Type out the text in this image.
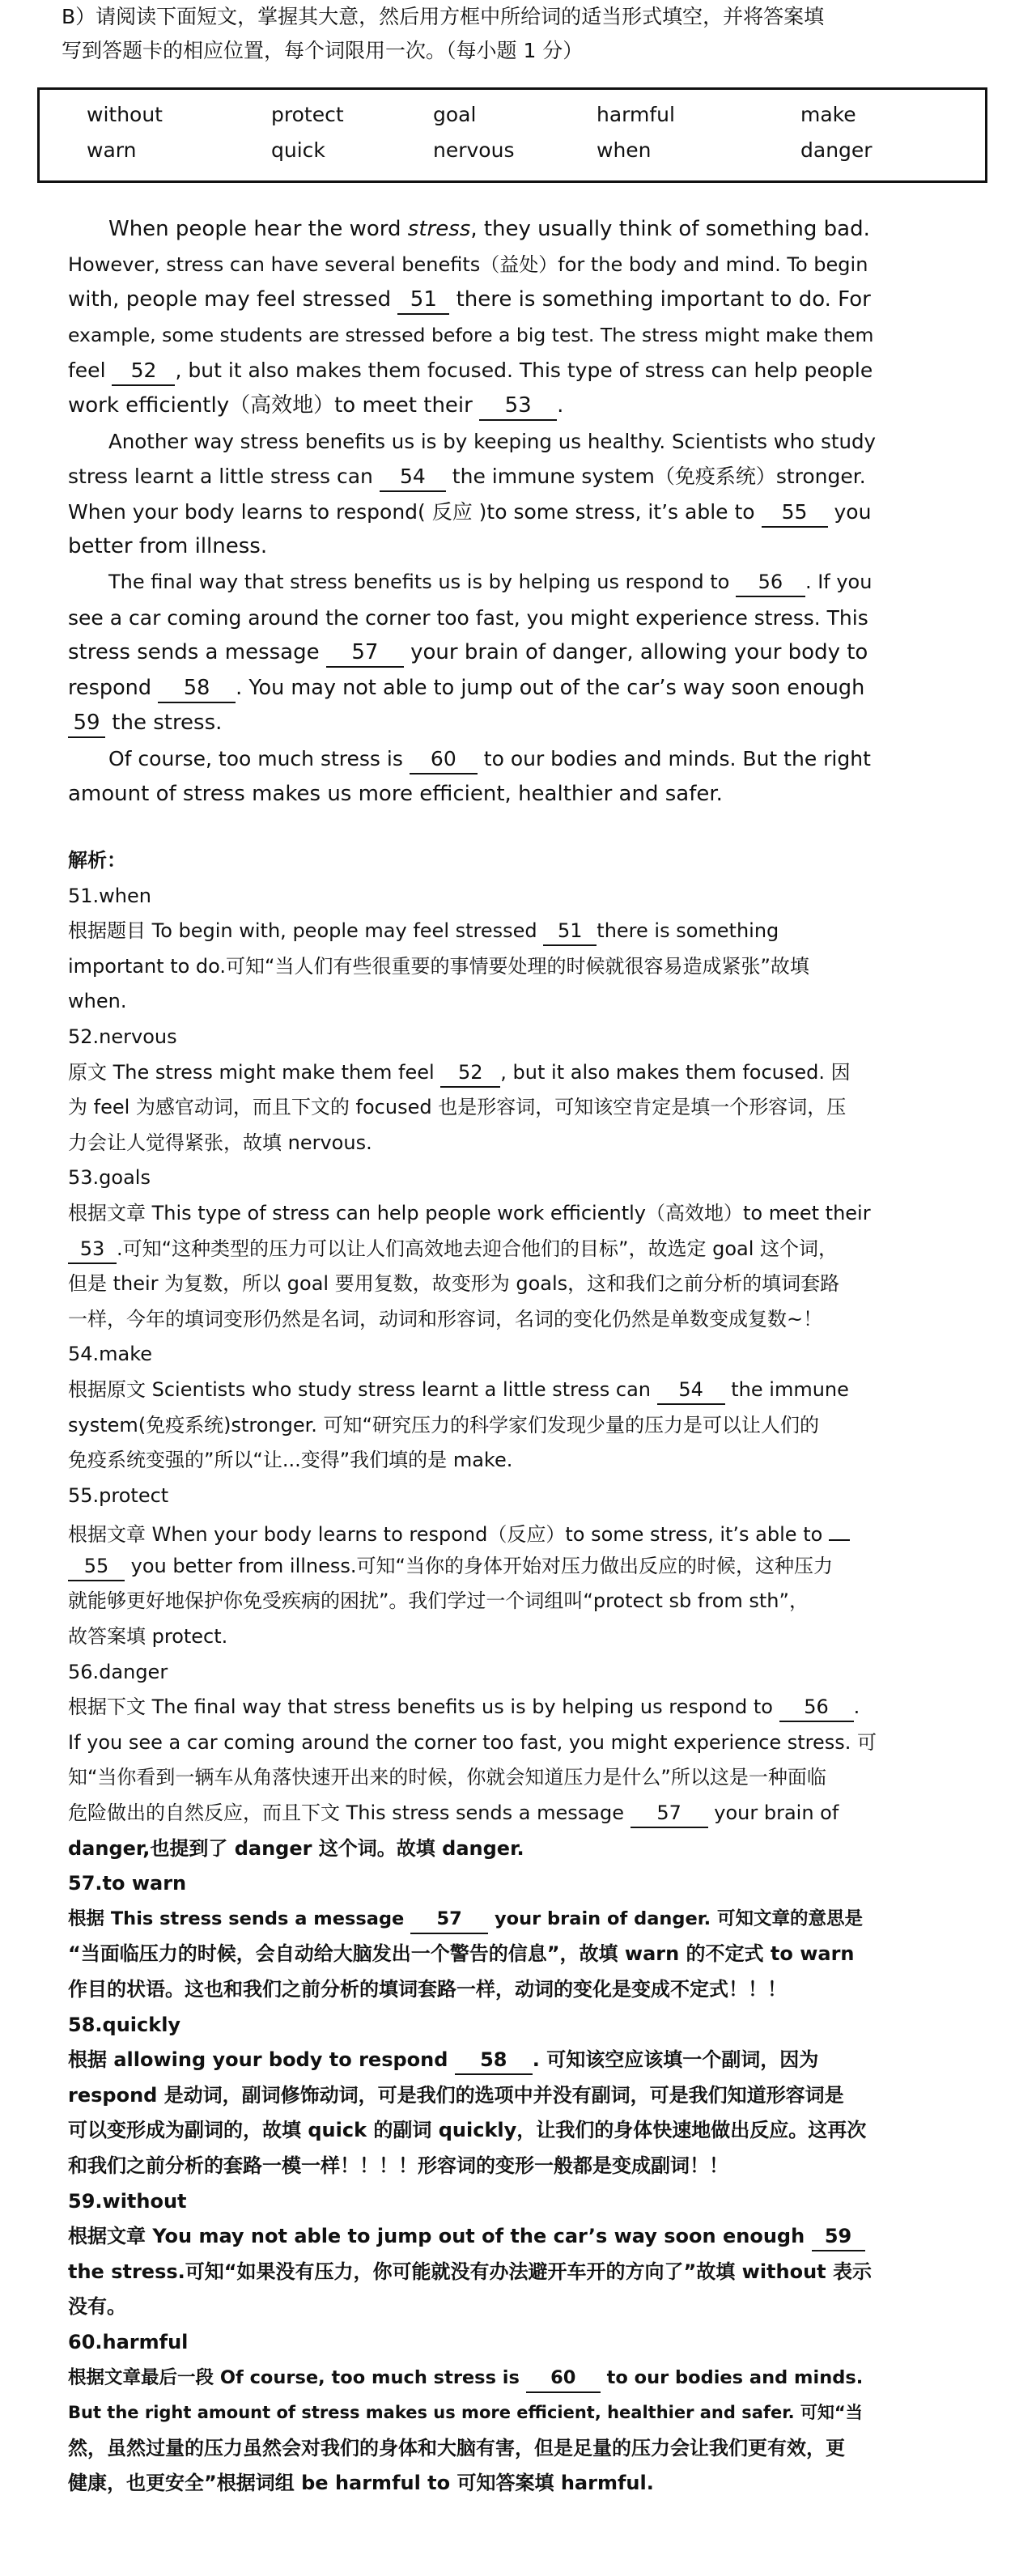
B）请阅读下面短文，掌握其大意，然后用方框中所给词的适当形式填空，并将答案填
写到答题卡的相应位置，每个词限用一次。（每小题 1 分）
without	protect	goal	harmful	make
warn	quick	nervous	when	danger
When people hear the word stress, they usually think of something bad.
However, stress can have several benefits（益处）for the body and mind. To begin
with, people may feel stressed 51 there is something important to do. For
example, some students are stressed before a big test. The stress might make them
feel 52 , but it also makes them focused. This type of stress can help people
work efficiently（高效地）to meet their 53 .
Another way stress benefits us is by keeping us healthy. Scientists who study
stress learnt a little stress can 54 the immune system（免疫系统）stronger.
When your body learns to respond( 反应 )to some stress, it’s able to 55 you
better from illness.
The final way that stress benefits us is by helping us respond to 56 . If you
see a car coming around the corner too fast, you might experience stress. This
stress sends a message 57 your brain of danger, allowing your body to
respond 58 . You may not able to jump out of the car’s way soon enough
59 the stress.
Of course, too much stress is 60 to our bodies and minds. But the right
amount of stress makes us more efficient, healthier and safer.
解析：
51.when
根据题目 To begin with, people may feel stressed 51 there is something
important to do.可知“当人们有些很重要的事情要处理的时候就很容易造成紧张”故填
when.
52.nervous
原文 The stress might make them feel 52 , but it also makes them focused. 因
为 feel 为感官动词，而且下文的 focused 也是形容词，可知该空肯定是填一个形容词，压
力会让人觉得紧张，故填 nervous.
53.goals
根据文章 This type of stress can help people work efficiently（高效地）to meet their
53 .可知“这种类型的压力可以让人们高效地去迎合他们的目标”，故选定 goal 这个词，
但是 their 为复数，所以 goal 要用复数，故变形为 goals，这和我们之前分析的填词套路
一样，今年的填词变形仍然是名词，动词和形容词，名词的变化仍然是单数变成复数~！
54.make
根据原文 Scientists who study stress learnt a little stress can 54 the immune
system(免疫系统)stronger. 可知“研究压力的科学家们发现少量的压力是可以让人们的
免疫系统变强的”所以“让...变得”我们填的是 make.
55.protect
根据文章 When your body learns to respond（反应）to some stress, it’s able to
55 you better from illness.可知“当你的身体开始对压力做出反应的时候，这种压力
就能够更好地保护你免受疾病的困扰”。我们学过一个词组叫“protect sb from sth”，
故答案填 protect.
56.danger
根据下文 The final way that stress benefits us is by helping us respond to 56 .
If you see a car coming around the corner too fast, you might experience stress. 可
知“当你看到一辆车从角落快速开出来的时候，你就会知道压力是什么”所以这是一种面临
危险做出的自然反应，而且下文 This stress sends a message 57 your brain of
danger,也提到了 danger 这个词。故填 danger.
57.to warn
根据 This stress sends a message 57 your brain of danger. 可知文章的意思是
“当面临压力的时候，会自动给大脑发出一个警告的信息”，故填 warn 的不定式 to warn
作目的状语。这也和我们之前分析的填词套路一样，动词的变化是变成不定式！！！
58.quickly
根据 allowing your body to respond 58 . 可知该空应该填一个副词，因为
respond 是动词，副词修饰动词，可是我们的选项中并没有副词，可是我们知道形容词是
可以变形成为副词的，故填 quick 的副词 quickly，让我们的身体快速地做出反应。这再次
和我们之前分析的套路一模一样！！！！形容词的变形一般都是变成副词！！
59.without
根据文章 You may not able to jump out of the car’s way soon enough 59
the stress.可知“如果没有压力，你可能就没有办法避开车开的方向了”故填 without 表示
没有。
60.harmful
根据文章最后一段 Of course, too much stress is 60 to our bodies and minds.
But the right amount of stress makes us more efficient, healthier and safer. 可知“当
然，虽然过量的压力虽然会对我们的身体和大脑有害，但是足量的压力会让我们更有效，更
健康，也更安全”根据词组 be harmful to 可知答案填 harmful.
